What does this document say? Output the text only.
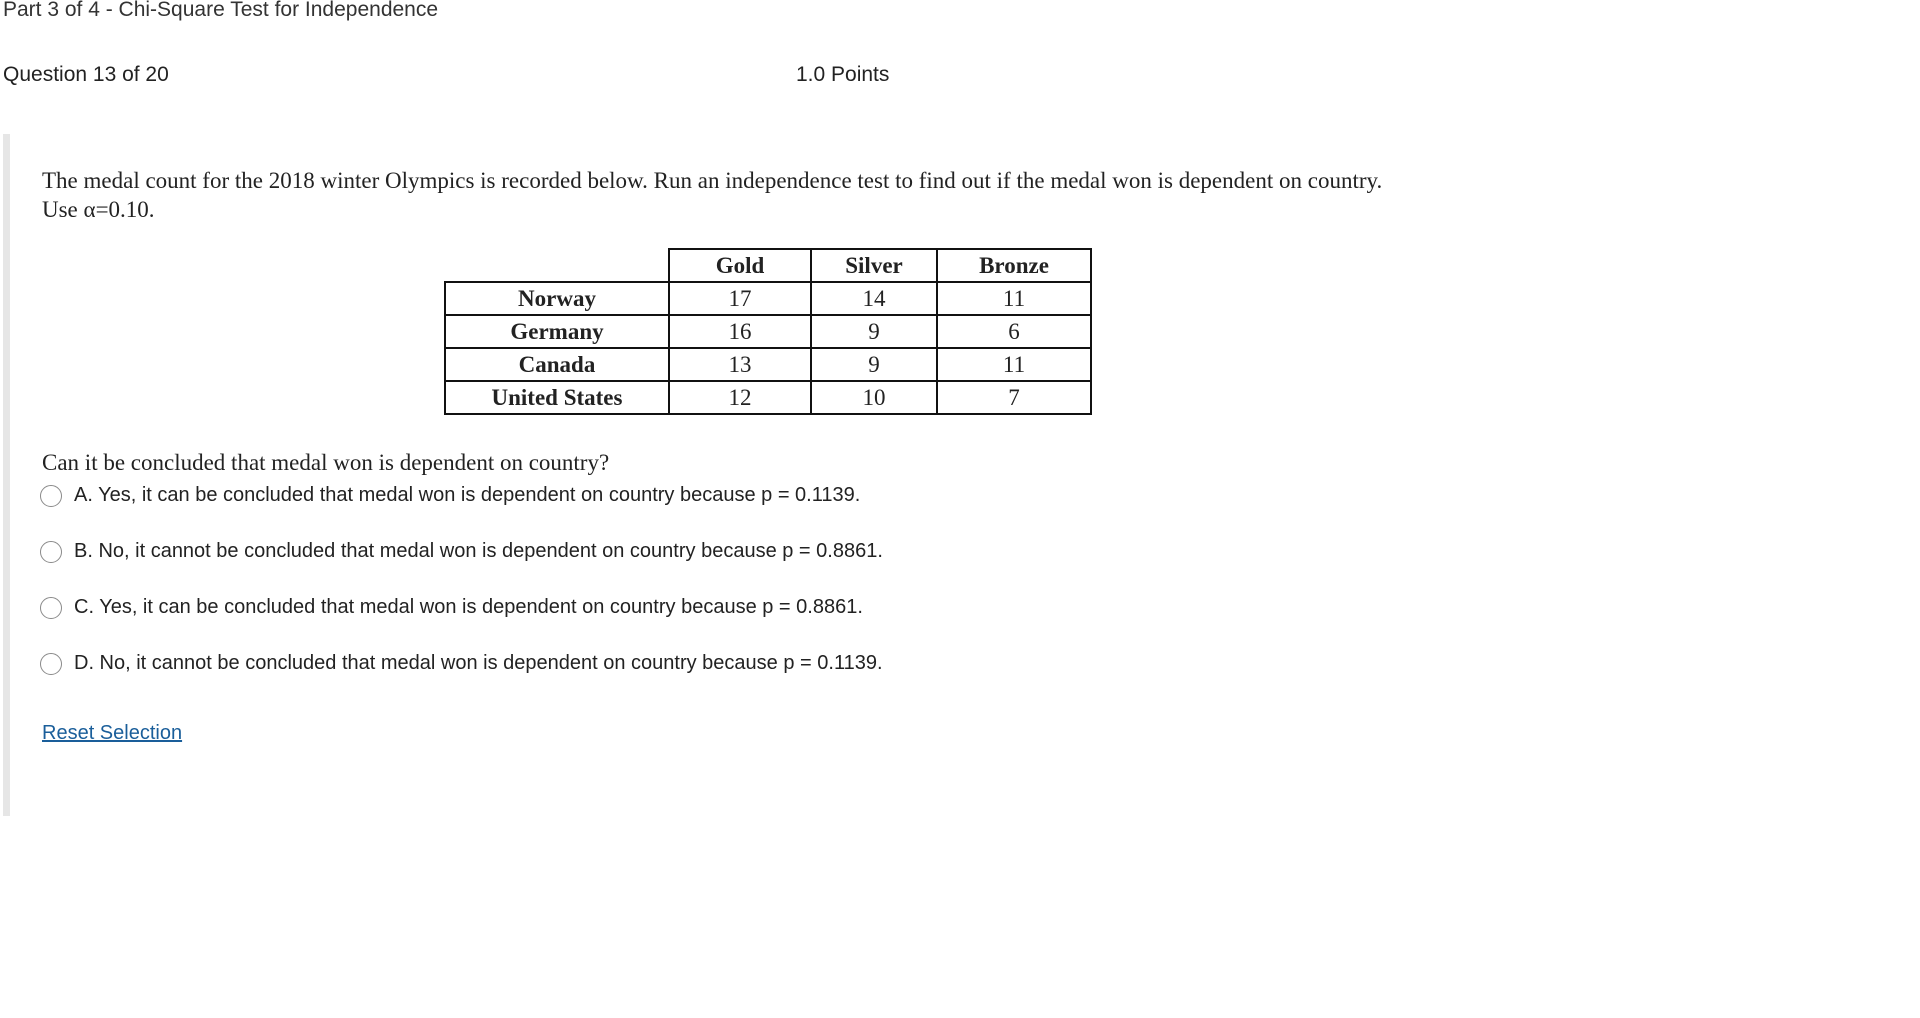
Part 3 of 4 - Chi-Square Test for Independence
Question 13 of 20	1.0 Points
The medal count for the 2018 winter Olympics is recorded below. Run an independence test to find out if the medal won is dependent on country.
Use α=0.10.
	Gold	Silver	Bronze
Norway	17	14	11
Germany	16	9	6
Canada	13	9	11
United States	12	10	7
Can it be concluded that medal won is dependent on country?
A. Yes, it can be concluded that medal won is dependent on country because p = 0.1139.
B. No, it cannot be concluded that medal won is dependent on country because p = 0.8861.
C. Yes, it can be concluded that medal won is dependent on country because p = 0.8861.
D. No, it cannot be concluded that medal won is dependent on country because p = 0.1139.
Reset Selection
